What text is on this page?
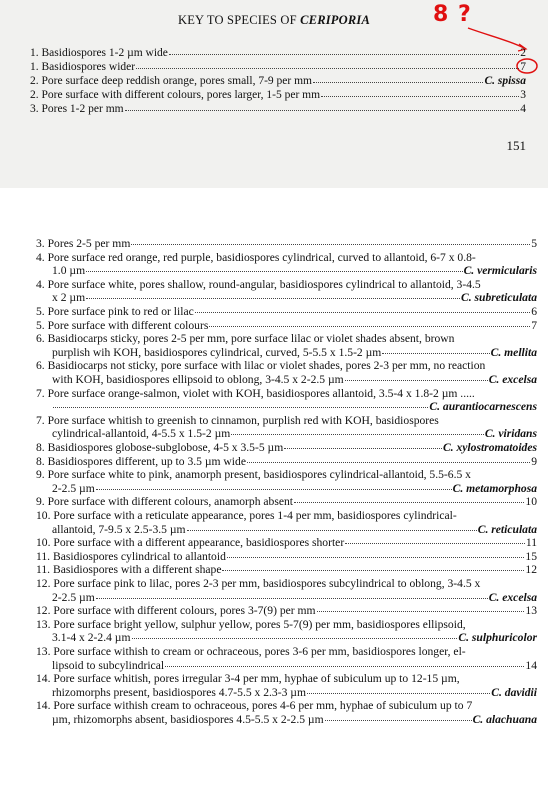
KEY TO SPECIES OF CERIPORIA	8 ?
1. Basidiospores 1-2 µm wide	2
1. Basidiospores wider	7
2. Pore surface deep reddish orange, pores small, 7-9 per mm	C. spissa
2. Pore surface with different colours, pores larger, 1-5 per mm	3
3. Pores 1-2 per mm	4
151
3. Pores 2-5 per mm	5
4. Pore surface red orange, red purple, basidiospores cylindrical, curved to allantoid, 6-7 x 0.8-
1.0 µm	C. vermicularis
4. Pore surface white, pores shallow, round-angular, basidiospores cylindrical to allantoid, 3-4.5
x 2 µm	C. subreticulata
5. Pore surface pink to red or lilac	6
5. Pore surface with different colours	7
6. Basidiocarps sticky, pores 2-5 per mm, pore surface lilac or violet shades absent, brown
purplish wih KOH, basidiospores cylindrical, curved, 5-5.5 x 1.5-2 µm	C. mellita
6. Basidiocarps not sticky, pore surface with lilac or violet shades, pores 2-3 per mm, no reaction
with KOH, basidiospores ellipsoid to oblong, 3-4.5 x 2-2.5 µm	C. excelsa
7. Pore surface orange-salmon, violet with KOH, basidiospores allantoid, 3.5-4 x 1.8-2 µm .....
C. aurantiocarnescens
7. Pore surface whitish to greenish to cinnamon, purplish red with KOH, basidiospores
cylindrical-allantoid, 4-5.5 x 1.5-2 µm	C. viridans
8. Basidiospores globose-subglobose, 4-5 x 3.5-5 µm	C. xylostromatoides
8. Basidiospores different, up to 3.5 µm wide	9
9. Pore surface white to pink, anamorph present, basidiospores cylindrical-allantoid, 5.5-6.5 x
2-2.5 µm	C. metamorphosa
9. Pore surface with different colours, anamorph absent	10
10. Pore surface with a reticulate appearance, pores 1-4 per mm, basidiospores cylindrical-
allantoid, 7-9.5 x 2.5-3.5 µm	C. reticulata
10. Pore surface with a different appearance, basidiospores shorter	11
11. Basidiospores cylindrical to allantoid	15
11. Basidiospores with a different shape	12
12. Pore surface pink to lilac, pores 2-3 per mm, basidiospores subcylindrical to oblong, 3-4.5 x
2-2.5 µm	C. excelsa
12. Pore surface with different colours, pores 3-7(9) per mm	13
13. Pore surface bright yellow, sulphur yellow, pores 5-7(9) per mm, basidiospores ellipsoid,
3.1-4 x 2-2.4 µm	C. sulphuricolor
13. Pore surface withish to cream or ochraceous, pores 3-6 per mm, basidiospores longer, el-
lipsoid to subcylindrical	14
14. Pore surface whitish, pores irregular 3-4 per mm, hyphae of subiculum up to 12-15 µm,
rhizomorphs present, basidiospores 4.7-5.5 x 2.3-3 µm	C. davidii
14. Pore surface withish cream to ochraceous, pores 4-6 per mm, hyphae of subiculum up to 7
µm, rhizomorphs absent, basidiospores 4.5-5.5 x 2-2.5 µm	C. alachuana
